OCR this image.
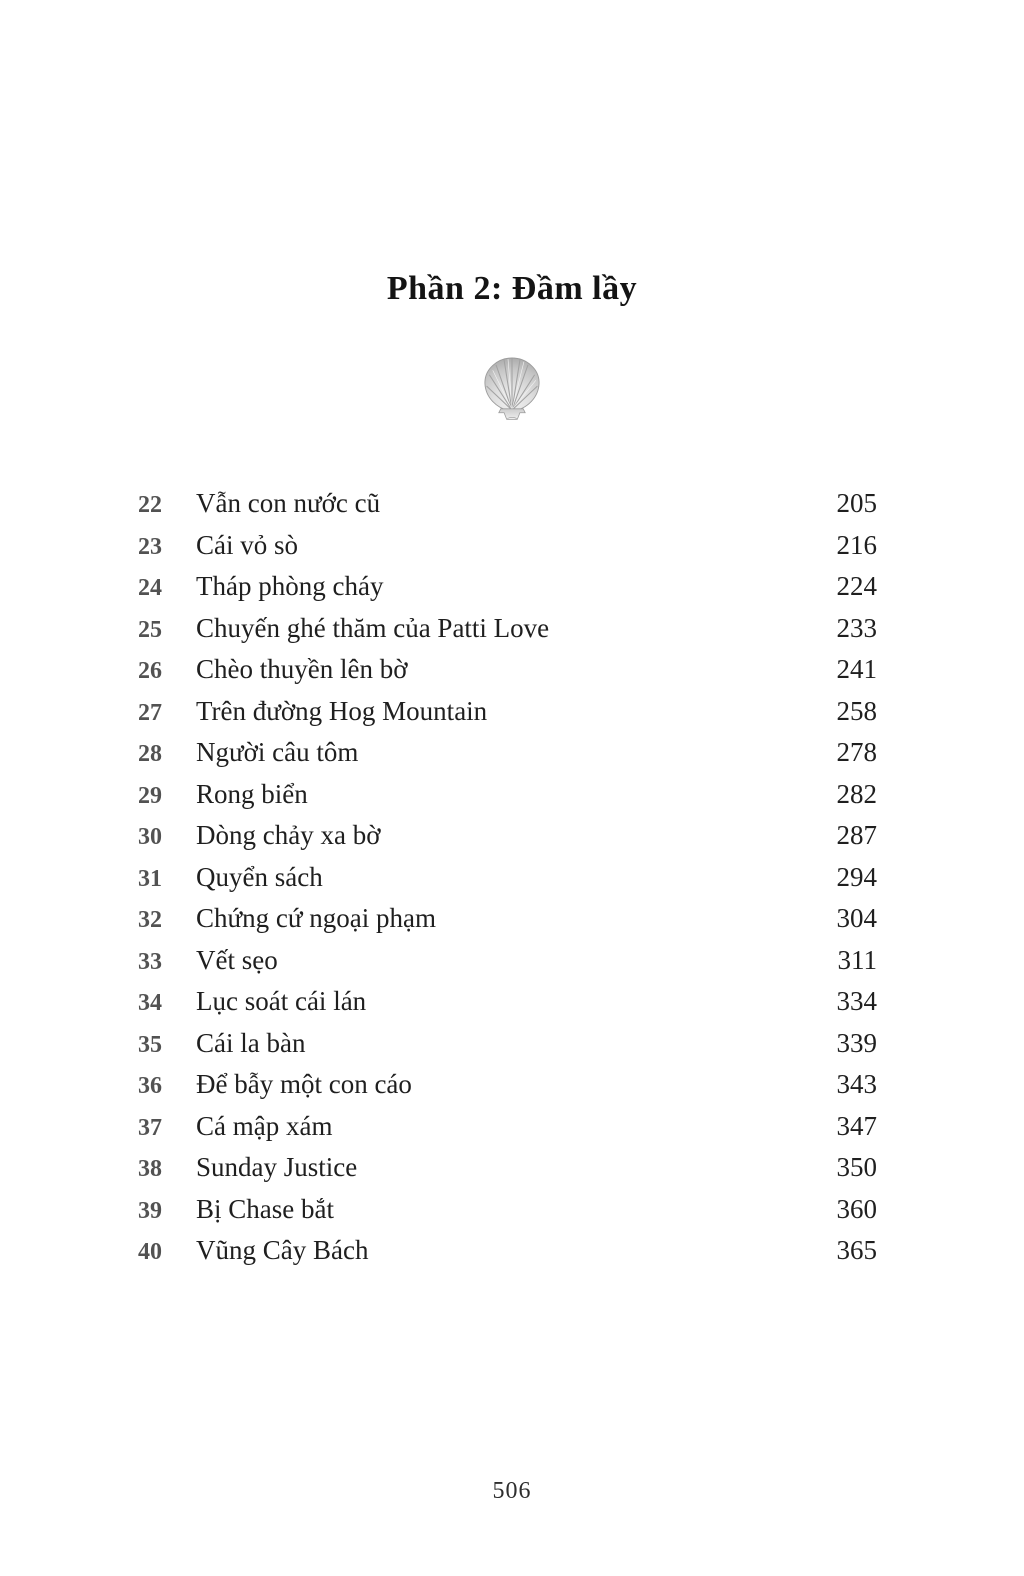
Phần 2: Đầm lầy
22	Vẫn con nước cũ	205
23	Cái vỏ sò	216
24	Tháp phòng cháy	224
25	Chuyến ghé thăm của Patti Love	233
26	Chèo thuyền lên bờ	241
27	Trên đường Hog Mountain	258
28	Người câu tôm	278
29	Rong biển	282
30	Dòng chảy xa bờ	287
31	Quyển sách	294
32	Chứng cứ ngoại phạm	304
33	Vết sẹo	311
34	Lục soát cái lán	334
35	Cái la bàn	339
36	Để bẫy một con cáo	343
37	Cá mập xám	347
38	Sunday Justice	350
39	Bị Chase bắt	360
40	Vũng Cây Bách	365
506
